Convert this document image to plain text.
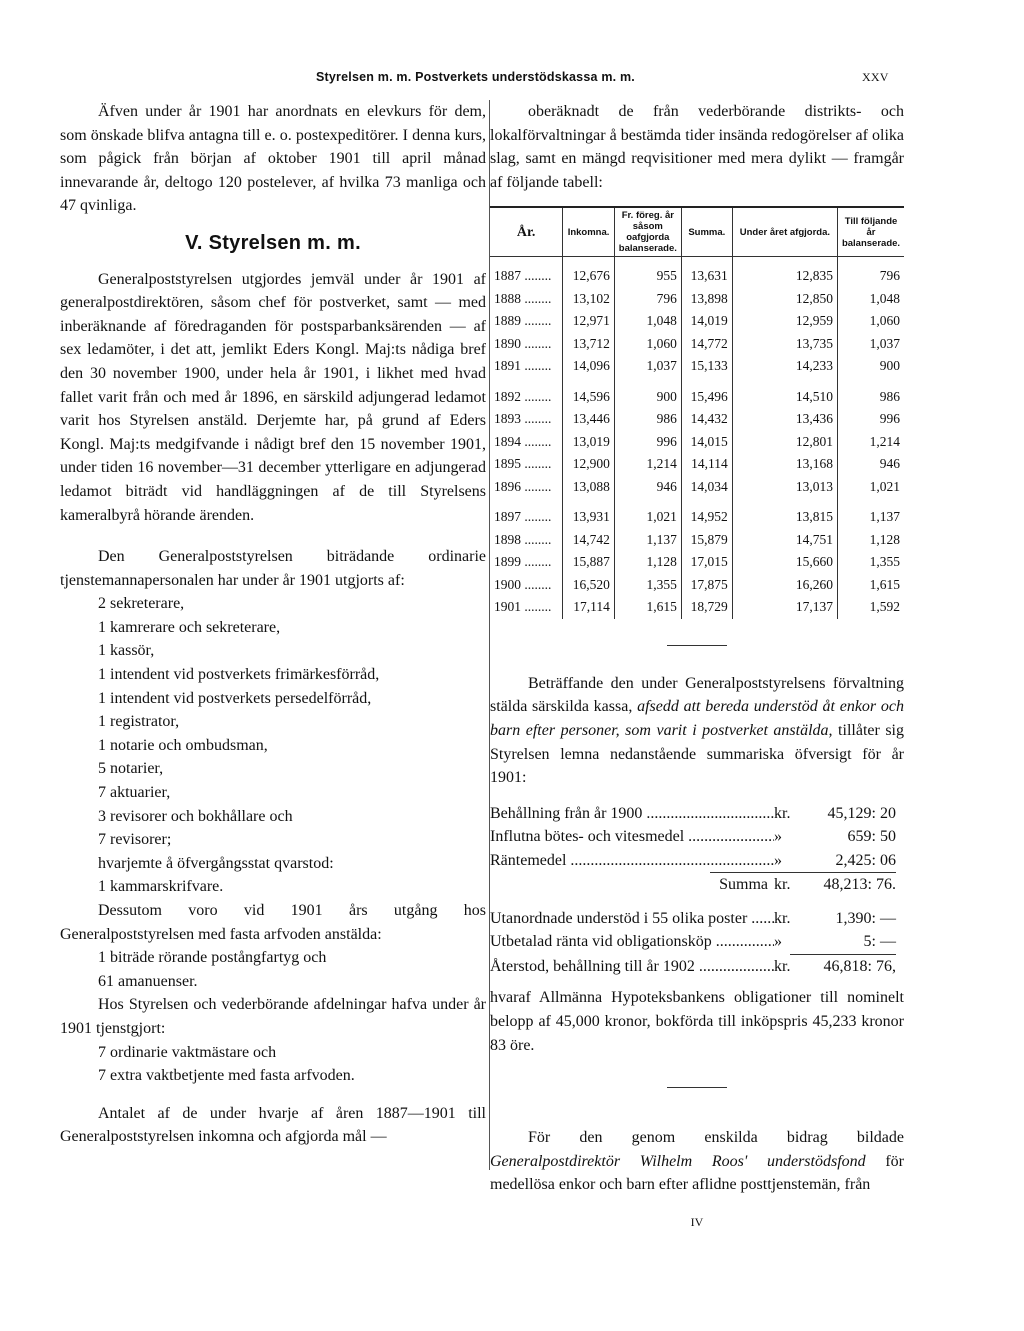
Styrelsen m. m. Postverkets understödskassa m. m.	XXV

Äfven under år 1901 har anordnats en elevkurs för dem, som önskade blifva antagna till e. o. postexpeditörer. I denna kurs, som pågick från början af oktober 1901 till april månad innevarande år, deltogo 120 postelever, af hvilka 73 manliga och 47 qvinliga.

V. Styrelsen m. m.

Generalpoststyrelsen utgjordes jemväl under år 1901 af generalpostdirektören, såsom chef för postverket, samt — med inberäknande af föredraganden för postsparbanksärenden — af sex ledamöter, i det att, jemlikt Eders Kongl. Maj:ts nådiga bref den 30 november 1900, under hela år 1901, i likhet med hvad fallet varit från och med år 1896, en särskild adjungerad ledamot varit hos Styrelsen anstäld. Derjemte har, på grund af Eders Kongl. Maj:ts medgifvande i nådigt bref den 15 november 1901, under tiden 16 november—31 december ytterligare en adjungerad ledamot biträdt vid handläggningen af de till Styrelsens kameralbyrå hörande ärenden.

Den Generalpoststyrelsen biträdande ordinarie tjenstemannapersonalen har under år 1901 utgjorts af:

2 sekreterare,

1 kamrerare och sekreterare,

1 kassör,

1 intendent vid postverkets frimärkesförråd,

1 intendent vid postverkets persedelförråd,

1 registrator,

1 notarie och ombudsman,

5 notarier,

7 aktuarier,

3 revisorer och bokhållare och

7 revisorer;

hvarjemte å öfvergångsstat qvarstod:

1 kammarskrifvare.

Dessutom voro vid 1901 års utgång hos Generalpoststyrelsen med fasta arfvoden anstälda:

1 biträde rörande postångfartyg och

61 amanuenser.

Hos Styrelsen och vederbörande afdelningar hafva under år 1901 tjenstgjort:

7 ordinarie vaktmästare och

7 extra vaktbetjente med fasta arfvoden.

Antalet af de under hvarje af åren 1887—1901 till Generalpoststyrelsen inkomna och afgjorda mål —

oberäknadt de från vederbörande distrikts- och lokalförvaltningar å bestämda tider insända redogörelser af olika slag, samt en mängd reqvisitioner med mera dylikt — framgår af följande tabell:

År.	Inkomna.	Fr. föreg. år såsom oafgjorda balanserade.	Summa.	Under året afgjorda.	Till följande år balanserade.

1887 ........	12,676	955	13,631	12,835	796
1888 ........	13,102	796	13,898	12,850	1,048
1889 ........	12,971	1,048	14,019	12,959	1,060
1890 ........	13,712	1,060	14,772	13,735	1,037
1891 ........	14,096	1,037	15,133	14,233	900
1892 ........	14,596	900	15,496	14,510	986
1893 ........	13,446	986	14,432	13,436	996
1894 ........	13,019	996	14,015	12,801	1,214
1895 ........	12,900	1,214	14,114	13,168	946
1896 ........	13,088	946	14,034	13,013	1,021
1897 ........	13,931	1,021	14,952	13,815	1,137
1898 ........	14,742	1,137	15,879	14,751	1,128
1899 ........	15,887	1,128	17,015	15,660	1,355
1900 ........	16,520	1,355	17,875	16,260	1,615
1901 ........	17,114	1,615	18,729	17,137	1,592

Beträffande den under Generalpoststyrelsens förvaltning stälda särskilda kassa, afsedd att bereda understöd åt enkor och barn efter personer, som varit i postverket anstälda, tillåter sig Styrelsen lemna nedanstående summariska öfversigt för år 1901:

Behållning från år 1900 .....	kr.	45,129: 20
Influtna bötes- och vitesmedel .....	»	659: 50
Räntemedel .....	»	2,425: 06
Summa kr.	48,213: 76.
Utanordnade understöd i 55 olika poster .....	kr.	1,390: —
Utbetalad ränta vid obligationsköp .....	»	5: —
Återstod, behållning till år 1902 .....	kr.	46,818: 76,

hvaraf Allmänna Hypoteksbankens obligationer till nominelt belopp af 45,000 kronor, bokförda till inköpspris 45,233 kronor 83 öre.

För den genom enskilda bidrag bildade Generalpostdirektör Wilhelm Roos' understödsfond för medellösa enkor och barn efter aflidne posttjenstemän, från

IV
